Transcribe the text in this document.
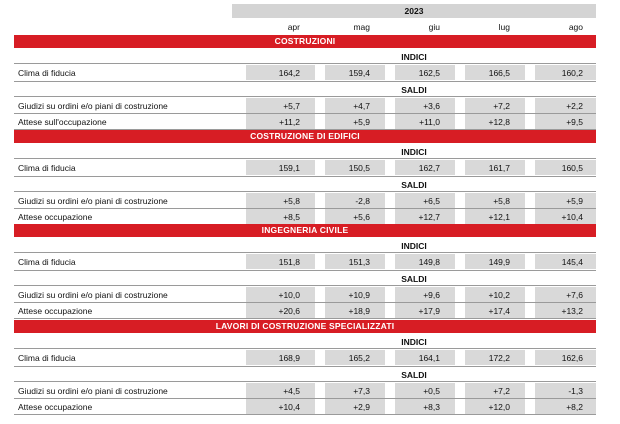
2023
apr	mag	giu	lug	ago
COSTRUZIONI
INDICI
Clima di fiducia	164,2	159,4	162,5	166,5	160,2
SALDI
Giudizi su ordini e/o piani di costruzione	+5,7	+4,7	+3,6	+7,2	+2,2
Attese sull'occupazione	+11,2	+5,9	+11,0	+12,8	+9,5
COSTRUZIONE DI EDIFICI
INDICI
Clima di fiducia	159,1	150,5	162,7	161,7	160,5
SALDI
Giudizi su ordini e/o piani di costruzione	+5,8	-2,8	+6,5	+5,8	+5,9
Attese occupazione	+8,5	+5,6	+12,7	+12,1	+10,4
INGEGNERIA CIVILE
INDICI
Clima di fiducia	151,8	151,3	149,8	149,9	145,4
SALDI
Giudizi su ordini e/o piani di costruzione	+10,0	+10,9	+9,6	+10,2	+7,6
Attese occupazione	+20,6	+18,9	+17,9	+17,4	+13,2
LAVORI DI COSTRUZIONE SPECIALIZZATI
INDICI
Clima di fiducia	168,9	165,2	164,1	172,2	162,6
SALDI
Giudizi su ordini e/o piani di costruzione	+4,5	+7,3	+0,5	+7,2	-1,3
Attese occupazione	+10,4	+2,9	+8,3	+12,0	+8,2
